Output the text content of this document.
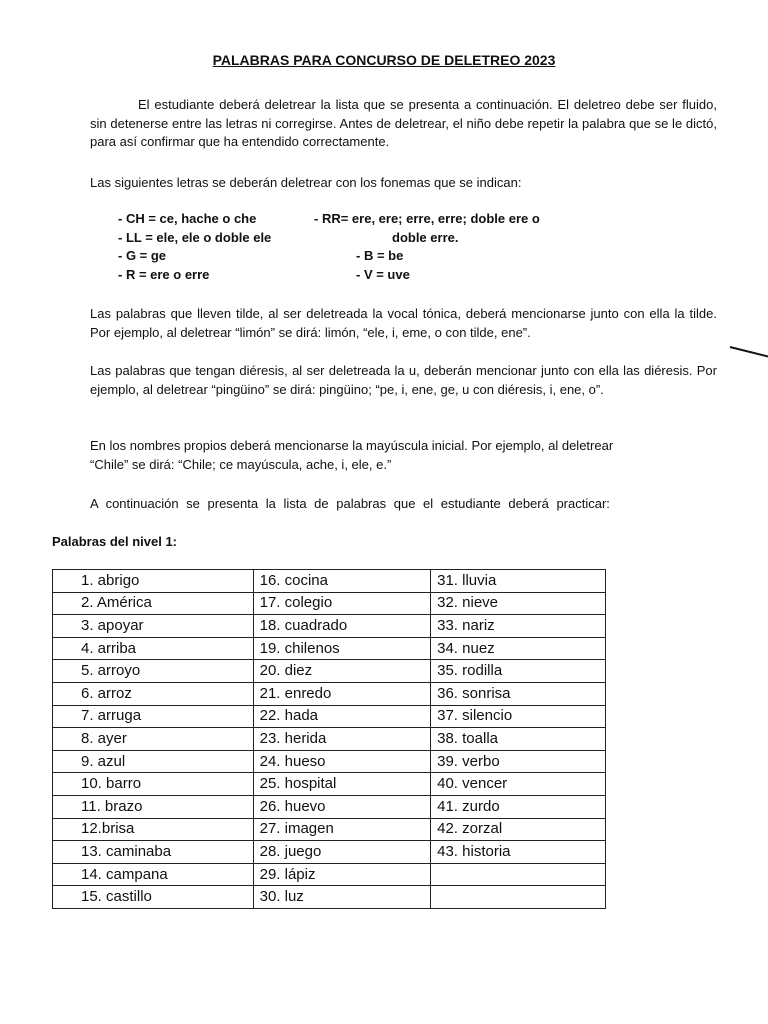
PALABRAS PARA CONCURSO DE DELETREO 2023

El estudiante deberá deletrear la lista que se presenta a continuación. El deletreo debe ser fluido, sin detenerse entre las letras ni corregirse. Antes de deletrear, el niño debe repetir la palabra que se le dictó, para así confirmar que ha entendido correctamente.

Las siguientes letras se deberán deletrear con los fonemas que se indican:

- CH = ce, hache o che
- LL = ele, ele o doble ele
- G = ge
- R = ere o erre
- RR= ere, ere; erre, erre; doble ere o
doble erre.
- B = be
- V = uve

Las palabras que lleven tilde, al ser deletreada la vocal tónica, deberá mencionarse junto con ella la tilde. Por ejemplo, al deletrear “limón” se dirá: limón, “ele, i, eme, o con tilde, ene”.

Las palabras que tengan diéresis, al ser deletreada la u, deberán mencionar junto con ella las diéresis. Por ejemplo, al deletrear “pingüino” se dirá: pingüino; “pe, i, ene, ge, u con diéresis, i, ene, o”.

En los nombres propios deberá mencionarse la mayúscula inicial. Por ejemplo, al deletrear

“Chile” se dirá: “Chile; ce mayúscula, ache, i, ele, e.”

A continuación se presenta la lista de palabras que el estudiante deberá practicar:

Palabras del nivel 1:
1. abrigo	16. cocina	31. lluvia
2. América	17. colegio	32. nieve
3. apoyar	18. cuadrado	33. nariz
4. arriba	19. chilenos	34. nuez
5. arroyo	20. diez	35. rodilla
6. arroz	21. enredo	36. sonrisa
7. arruga	22. hada	37. silencio
8. ayer	23. herida	38. toalla
9. azul	24. hueso	39. verbo
10. barro	25. hospital	40. vencer
11. brazo	26. huevo	41. zurdo
12.brisa	27. imagen	42. zorzal
13. caminaba	28. juego	43. historia
14. campana	29. lápiz	
15. castillo	30. luz	
